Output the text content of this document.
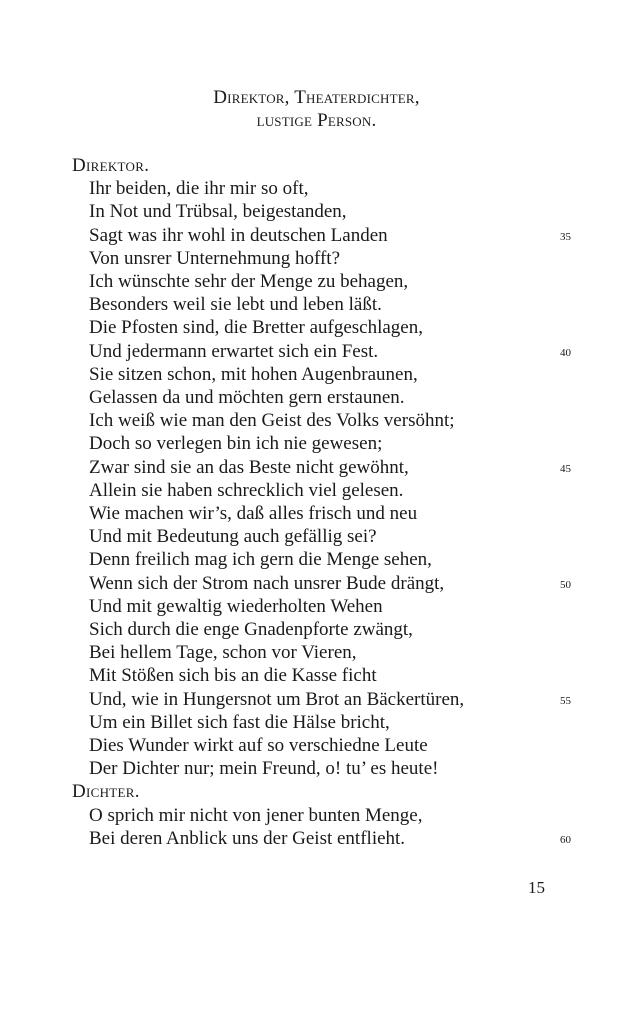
Direktor, Theaterdichter,
lustige Person.
Direktor.
Ihr beiden, die ihr mir so oft,
In Not und Trübsal, beigestanden,
Sagt was ihr wohl in deutschen Landen	35
Von unsrer Unternehmung hofft?
Ich wünschte sehr der Menge zu behagen,
Besonders weil sie lebt und leben läßt.
Die Pfosten sind, die Bretter aufgeschlagen,
Und jedermann erwartet sich ein Fest.	40
Sie sitzen schon, mit hohen Augenbraunen,
Gelassen da und möchten gern erstaunen.
Ich weiß wie man den Geist des Volks versöhnt;
Doch so verlegen bin ich nie gewesen;
Zwar sind sie an das Beste nicht gewöhnt,	45
Allein sie haben schrecklich viel gelesen.
Wie machen wir’s, daß alles frisch und neu
Und mit Bedeutung auch gefällig sei?
Denn freilich mag ich gern die Menge sehen,
Wenn sich der Strom nach unsrer Bude drängt,	50
Und mit gewaltig wiederholten Wehen
Sich durch die enge Gnadenpforte zwängt,
Bei hellem Tage, schon vor Vieren,
Mit Stößen sich bis an die Kasse ficht
Und, wie in Hungersnot um Brot an Bäckertüren,	55
Um ein Billet sich fast die Hälse bricht,
Dies Wunder wirkt auf so verschiedne Leute
Der Dichter nur; mein Freund, o! tu’ es heute!
Dichter.
O sprich mir nicht von jener bunten Menge,
Bei deren Anblick uns der Geist entflieht.	60
15
